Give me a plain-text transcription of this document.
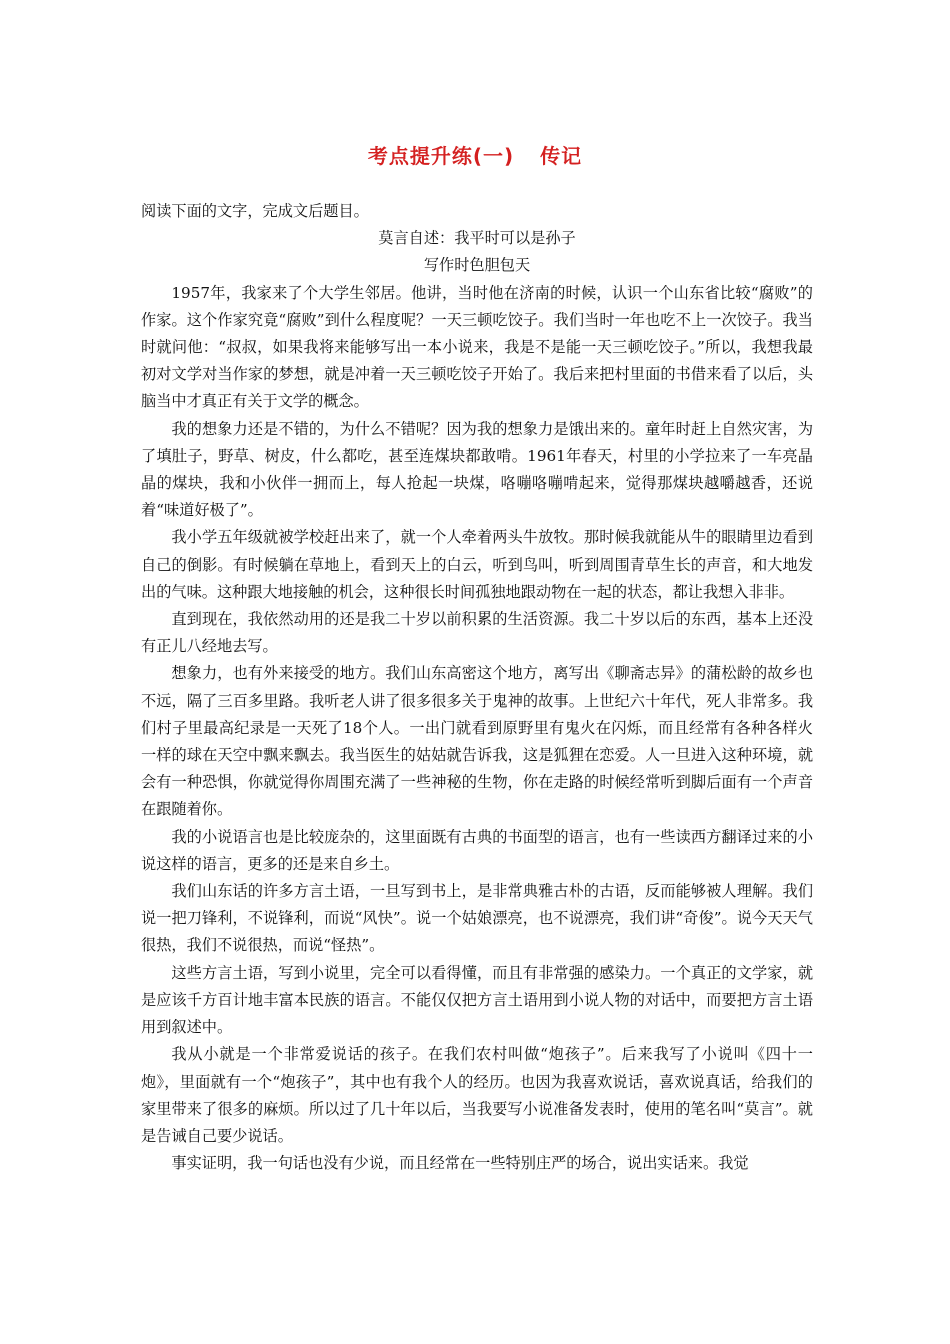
考点提升练(一) 传记

阅读下面的文字，完成文后题目。

莫言自述：我平时可以是孙子

写作时色胆包天

1957年，我家来了个大学生邻居。他讲，当时他在济南的时候，认识一个山东省比较“腐败”的作家。这个作家究竟“腐败”到什么程度呢？一天三顿吃饺子。我们当时一年也吃不上一次饺子。我当时就问他：“叔叔，如果我将来能够写出一本小说来，我是不是能一天三顿吃饺子。”所以，我想我最初对文学对当作家的梦想，就是冲着一天三顿吃饺子开始了。我后来把村里面的书借来看了以后，头脑当中才真正有关于文学的概念。

我的想象力还是不错的，为什么不错呢？因为我的想象力是饿出来的。童年时赶上自然灾害，为了填肚子，野草、树皮，什么都吃，甚至连煤块都敢啃。1961年春天，村里的小学拉来了一车亮晶晶的煤块，我和小伙伴一拥而上，每人抢起一块煤，咯嘣咯嘣啃起来，觉得那煤块越嚼越香，还说着“味道好极了”。

我小学五年级就被学校赶出来了，就一个人牵着两头牛放牧。那时候我就能从牛的眼睛里边看到自己的倒影。有时候躺在草地上，看到天上的白云，听到鸟叫，听到周围青草生长的声音，和大地发出的气味。这种跟大地接触的机会，这种很长时间孤独地跟动物在一起的状态，都让我想入非非。

直到现在，我依然动用的还是我二十岁以前积累的生活资源。我二十岁以后的东西，基本上还没有正儿八经地去写。

想象力，也有外来接受的地方。我们山东高密这个地方，离写出《聊斋志异》的蒲松龄的故乡也不远，隔了三百多里路。我听老人讲了很多很多关于鬼神的故事。上世纪六十年代，死人非常多。我们村子里最高纪录是一天死了18个人。一出门就看到原野里有鬼火在闪烁，而且经常有各种各样火一样的球在天空中飘来飘去。我当医生的姑姑就告诉我，这是狐狸在恋爱。人一旦进入这种环境，就会有一种恐惧，你就觉得你周围充满了一些神秘的生物，你在走路的时候经常听到脚后面有一个声音在跟随着你。

我的小说语言也是比较庞杂的，这里面既有古典的书面型的语言，也有一些读西方翻译过来的小说这样的语言，更多的还是来自乡土。

我们山东话的许多方言土语，一旦写到书上，是非常典雅古朴的古语，反而能够被人理解。我们说一把刀锋利，不说锋利，而说“风快”。说一个姑娘漂亮，也不说漂亮，我们讲“奇俊”。说今天天气很热，我们不说很热，而说“怪热”。

这些方言土语，写到小说里，完全可以看得懂，而且有非常强的感染力。一个真正的文学家，就是应该千方百计地丰富本民族的语言。不能仅仅把方言土语用到小说人物的对话中，而要把方言土语用到叙述中。

我从小就是一个非常爱说话的孩子。在我们农村叫做“炮孩子”。后来我写了小说叫《四十一炮》，里面就有一个“炮孩子”，其中也有我个人的经历。也因为我喜欢说话，喜欢说真话，给我们的家里带来了很多的麻烦。所以过了几十年以后，当我要写小说准备发表时，使用的笔名叫“莫言”。就是告诫自己要少说话。

事实证明，我一句话也没有少说，而且经常在一些特别庄严的场合，说出实话来。我觉
